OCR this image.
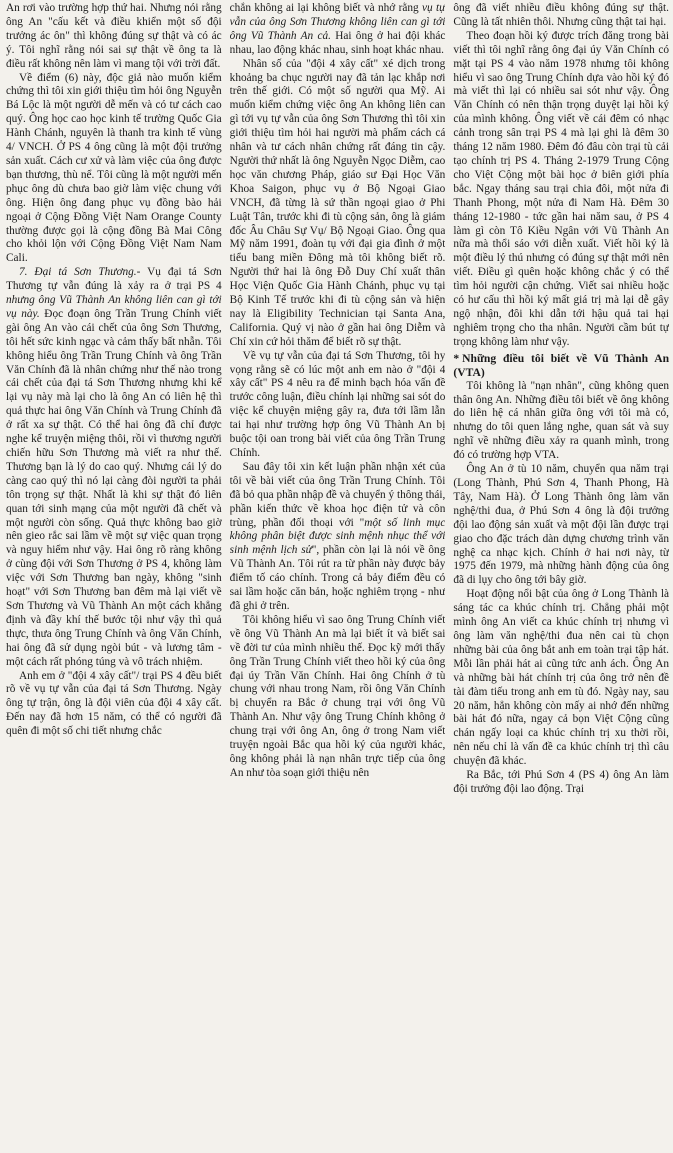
An rơi vào trường hợp thứ hai. Nhưng nói rằng ông An "cấu kết và điều khiển một số đội trưởng ác ôn" thì không đúng sự thật và có ác ý. Tôi nghĩ rằng nói sai sự thật về ông ta là điều rất không nên làm vì mang tội với trời đất.

Về điểm (6) này, độc giả nào muốn kiểm chứng thì tôi xin giới thiệu tìm hỏi ông Nguyễn Bá Lộc là một người dễ mến và có tư cách cao quý. Ông học cao học kinh tế trường Quốc Gia Hành Chánh, nguyên là thanh tra kinh tế vùng 4/ VNCH. Ở PS 4 ông cũng là một đội trưởng sản xuất. Cách cư xử và làm việc của ông được bạn thương, thù nể. Tôi cũng là một người mến phục ông dù chưa bao giờ làm việc chung với ông. Hiện ông đang phục vụ đồng bào hải ngoại ở Cộng Đồng Việt Nam Orange County thường được gọi là cộng đồng Bà Mai Công cho khỏi lộn với Cộng Đồng Việt Nam Nam Cali.

7. Đại tá Sơn Thương.- Vụ đại tá Sơn Thương tự vẫn đúng là xảy ra ở trại PS 4 nhưng ông Vũ Thành An không liên can gì tới vụ này. Đọc đoạn ông Trần Trung Chính viết gài ông An vào cái chết của ông Sơn Thương, tôi hết sức kinh ngạc và cảm thấy bất nhẫn. Tôi không hiểu ông Trần Trung Chính và ông Trần Văn Chính đã là nhân chứng như thế nào trong cái chết của đại tá Sơn Thương nhưng khi kể lại vụ này mà lại cho là ông An có liên hệ thì quả thực hai ông Văn Chính và Trung Chính đã ở rất xa sự thật. Có thể hai ông đã chỉ được nghe kể truyện miệng thôi, rồi vì thương người chiến hữu Sơn Thương mà viết ra như thế. Thương bạn là lý do cao quý. Nhưng cái lý do càng cao quý thì nó lại càng đòi người ta phải tôn trọng sự thật. Nhất là khi sự thật đó liên quan tới sinh mạng của một người đã chết và một người còn sống. Quả thực không bao giờ nên gieo rắc sai lầm về một sự việc quan trọng và nguy hiểm như vậy. Hai ông rõ ràng không ở cùng đội với Sơn Thương ở PS 4, không làm việc với Sơn Thương ban ngày, không "sinh hoạt" với Sơn Thương ban đêm mà lại viết về Sơn Thương và Vũ Thành An một cách khẳng định và đầy khí thế bước tội như vậy thì quả thực, thưa ông Trung Chính và ông Văn Chính, hai ông đã sử dụng ngòi bút - và lương tâm - một cách rất phóng túng và vô trách nhiệm.

Anh em ở "đội 4 xây cất"/ trại PS 4 đều biết rõ về vụ tự vẫn của đại tá Sơn Thương. Ngày ông tự trận, ông là đội viên của đội 4 xây cất. Đến nay đã hơn 15 năm, có thể có người đã quên đi một số chi tiết nhưng chắc

chắn không ai lại không biết và nhớ rằng vụ tự vẫn của ông Sơn Thương không liên can gì tới ông Vũ Thành An cả. Hai ông ở hai đội khác nhau, lao động khác nhau, sinh hoạt khác nhau.

Nhân số của "đội 4 xây cất" xé dịch trong khoảng ba chục người nay đã tản lạc khắp nơi trên thế giới. Có một số người qua Mỹ. Ai muốn kiểm chứng việc ông An không liên can gì tới vụ tự vẫn của ông Sơn Thương thì tôi xin giới thiệu tìm hỏi hai người mà phẩm cách cá nhân và tư cách nhân chứng rất đáng tin cậy. Người thứ nhất là ông Nguyễn Ngọc Diễm, cao học văn chương Pháp, giáo sư Đại Học Văn Khoa Saigon, phục vụ ở Bộ Ngoại Giao VNCH, đã từng là sứ thần ngoại giao ở Phi Luật Tân, trước khi đi tù cộng sản, ông là giám đốc Âu Châu Sự Vụ/ Bộ Ngoại Giao. Ông qua Mỹ năm 1991, đoàn tụ với đại gia đình ở một tiểu bang miền Đông mà tôi không biết rõ. Người thứ hai là ông Đỗ Duy Chí xuất thân Học Viện Quốc Gia Hành Chánh, phục vụ tại Bộ Kinh Tế trước khi đi tù cộng sản và hiện nay là Eligibility Technician tại Santa Ana, California. Quý vị nào ở gần hai ông Diễm và Chí xin cứ hỏi thăm để biết rõ sự thật.

Về vụ tự vẫn của đại tá Sơn Thương, tôi hy vọng rằng sẽ có lúc một anh em nào ở "đội 4 xây cất" PS 4 nêu ra để minh bạch hóa vấn đề trước công luận, điều chính lại những sai sót do việc kể chuyện miệng gây ra, đưa tới lầm lẫn tai hại như trường hợp ông Vũ Thành An bị buộc tội oan trong bài viết của ông Trần Trung Chính.

Sau đây tôi xin kết luận phần nhận xét của tôi về bài viết của ông Trần Trung Chính. Tôi đã bỏ qua phần nhập đề và chuyển ý thông thái, phần kiến thức về khoa học điện tử và côn trùng, phần đối thoại với "một số linh mục không phân biệt được sinh mệnh nhục thể với sinh mệnh lịch sử", phần còn lại là nói về ông Vũ Thành An. Tôi rút ra từ phần này được bảy điểm tố cáo chính. Trong cả bảy điểm đều có sai lầm hoặc căn bản, hoặc nghiêm trọng - như đã ghi ở trên.

Tôi không hiểu vì sao ông Trung Chính viết về ông Vũ Thành An mà lại biết ít và biết sai về đời tư của mình nhiều thế. Đọc kỹ mới thấy ông Trần Trung Chính viết theo hồi ký của ông đại úy Trần Văn Chính. Hai ông Chính ở tù chung với nhau trong Nam, rồi ông Văn Chính bị chuyển ra Bắc ở chung trại với ông Vũ Thành An. Như vậy ông Trung Chính không ở chung trại với ông An, ông ở trong Nam viết truyện ngoài Bắc qua hồi ký của người khác, ông không phải là nạn nhân trực tiếp của ông An như tòa soạn giới thiệu nên

ông đã viết nhiều điều không đúng sự thật. Cũng là tất nhiên thôi. Nhưng cũng thật tai hại.

Theo đoạn hồi ký được trích đăng trong bài viết thì tôi nghĩ rằng ông đại úy Văn Chính có mặt tại PS 4 vào năm 1978 nhưng tôi không hiểu vì sao ông Trung Chính dựa vào hồi ký đó mà viết thì lại có nhiều sai sót như vậy. Ông Văn Chính có nên thận trọng duyệt lại hồi ký của mình không. Ông viết về cái đêm có nhạc cảnh trong sân trại PS 4 mà lại ghi là đêm 30 tháng 12 năm 1980. Đêm đó đâu còn trại tù cải tạo chính trị PS 4. Tháng 2-1979 Trung Cộng cho Việt Cộng một bài học ở biên giới phía bắc. Ngay tháng sau trại chia đôi, một nửa đi Thanh Phong, một nửa đi Nam Hà. Đêm 30 tháng 12-1980 - tức gần hai năm sau, ở PS 4 làm gì còn Tô Kiều Ngân với Vũ Thành An nữa mà thổi sáo với diễn xuất. Viết hồi ký là một điều lý thú nhưng có đúng sự thật mới nên viết. Điều gì quên hoặc không chắc ý có thể tìm hỏi người cận chứng. Viết sai nhiều hoặc có hư cấu thì hồi ký mất giá trị mà lại dễ gây ngộ nhận, đôi khi dẫn tới hậu quả tai hại nghiêm trọng cho tha nhân. Người cầm bút tự trọng không làm như vậy.

* Những điều tôi biết về Vũ Thành An (VTA)

Tôi không là "nạn nhân", cũng không quen thân ông An. Những điều tôi biết về ông không do liên hệ cá nhân giữa ông với tôi mà có, nhưng do tôi quen lắng nghe, quan sát và suy nghĩ về những điều xảy ra quanh mình, trong đó có trường hợp VTA.

Ông An ở tù 10 năm, chuyển qua năm trại (Long Thành, Phú Sơn 4, Thanh Phong, Hà Tây, Nam Hà). Ở Long Thành ông làm văn nghệ/thi đua, ở Phú Sơn 4 ông là đội trưởng đội lao động sản xuất và một đội lần được trại giao cho đặc trách dàn dựng chương trình văn nghệ ca nhạc kịch. Chính ở hai nơi này, từ 1975 đến 1979, mà những hành động của ông đã di lụy cho ông tới bây giờ.

Hoạt động nổi bật của ông ở Long Thành là sáng tác ca khúc chính trị. Chẳng phải một mình ông An viết ca khúc chính trị nhưng vì ông làm văn nghệ/thi đua nên cai tù chọn những bài của ông bắt anh em toàn trại tập hát. Mỗi lần phải hát ai cũng tức anh ách. Ông An và những bài hát chính trị của ông trở nên đề tài đàm tiếu trong anh em tù đó. Ngày nay, sau 20 năm, hẳn không còn mấy ai nhớ đến những bài hát đó nữa, ngay cả bọn Việt Cộng cũng chán ngấy loại ca khúc chính trị xu thời rồi, nên nếu chỉ là vấn đề ca khúc chính trị thì câu chuyện đã khác.

Ra Bắc, tới Phú Sơn 4 (PS 4) ông An làm đội trưởng đội lao động. Trại
